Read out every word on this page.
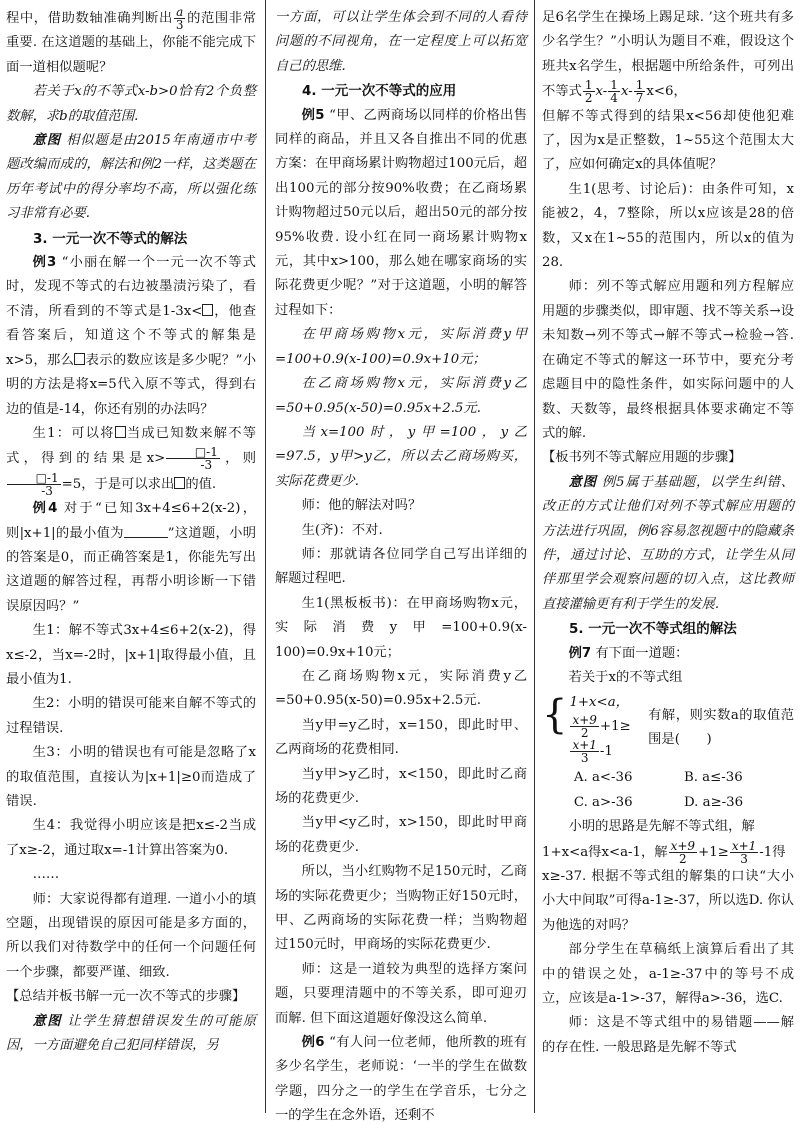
程中，借助数轴准确判断出 $\frac{a}{3}$ 的范围非常重要. 在这道题的基础上，你能不能完成下面一道相似题呢？

若关于x的不等式x-b>0恰有2个负整数解，求b的取值范围.

意图 相似题是由2015年南通市中考题改编而成的，解法和例2一样，这类题在历年考试中的得分率均不高，所以强化练习非常有必要.

3. 一元一次不等式的解法

例3 “小丽在解一个一元一次不等式时，发现不等式的右边被墨渍污染了，看不清，所看到的不等式是1-3x< ，他查看答案后，知道这个不等式的解集是x>5，那么 表示的数应该是多少呢？”小明的方法是将x=5代入原不等式，得到右边的值是-14，你还有别的办法吗？

生1：可以将 当成已知数来解不等式，得到的结果是$x> \frac{□-1}{-3}$ ，则
$\frac{□-1}{-3} =5$，于是可以求出 的值.

例4 对于“已知3x+4≤6+2(x-2)，则|x+1|的最小值为	”这道题，小明的答案是0，而正确答案是1，你能先写出这道题的解答过程，再帮小明诊断一下错误原因吗？”

生1：解不等式3x+4≤6+2(x-2)，得x≤-2，当x=-2时，|x+1|取得最小值，且最小值为1.

生2：小明的错误可能来自解不等式的过程错误.

生3：小明的错误也有可能是忽略了x的取值范围，直接认为|x+1|≥0而造成了错误.

生4：我觉得小明应该是把x≤-2当成了x≥-2，通过取x=-1计算出答案为0.

……

师：大家说得都有道理. 一道小小的填空题，出现错误的原因可能是多方面的，所以我们对待数学中的任何一个问题任何一个步骤，都要严谨、细致.

【总结并板书解一元一次不等式的步骤】

意图 让学生猜想错误发生的可能原因，一方面避免自己犯同样错误，另

一方面，可以让学生体会到不同的人看待问题的不同视角，在一定程度上可以拓宽自己的思维.

4. 一元一次不等式的应用

例5 “甲、乙两商场以同样的价格出售同样的商品，并且又各自推出不同的优惠方案：在甲商场累计购物超过100元后，超出100元的部分按90%收费；在乙商场累计购物超过50元以后，超出50元的部分按95%收费. 设小红在同一商场累计购物x元，其中x>100，那么她在哪家商场的实际花费更少呢？”对于这道题，小明的解答过程如下：

在甲商场购物x元，实际消费y甲=100+0.9(x-100)=0.9x+10元；

在乙商场购物x元，实际消费y乙=50+0.95(x-50)=0.95x+2.5元.

当x=100时，y甲=100，y乙=97.5，y甲>y乙，所以去乙商场购买，实际花费更少.

师：他的解法对吗？

生(齐)：不对.

师：那就请各位同学自己写出详细的解题过程吧.

生1(黑板板书)：在甲商场购物x元，实际消费y甲=100+0.9(x-100)=0.9x+10元；

在乙商场购物x元，实际消费y乙=50+0.95(x-50)=0.95x+2.5元.

当y甲=y乙时，x=150，即此时甲、乙两商场的花费相同.

当y甲>y乙时，x<150，即此时乙商场的花费更少.

当y甲<y乙时，x>150，即此时甲商场的花费更少.

所以，当小红购物不足150元时，乙商场的实际花费更少；当购物正好150元时，甲、乙两商场的实际花费一样；当购物超过150元时，甲商场的实际花费更少.

师：这是一道较为典型的选择方案问题，只要理清题中的不等关系，即可迎刃而解. 但下面这道题好像没这么简单.

例6 “有人问一位老师，他所教的班有多少名学生，老师说：‘一半的学生在做数学题，四分之一的学生在学音乐，七分之一的学生在念外语，还剩不

足6名学生在操场上踢足球. ’这个班共有多少名学生？”小明认为题目不难，假设这个班共x名学生，根据题中所给条件，可列出不等式 $\frac{1}{2} x- \frac{1}{4} x- \frac{1}{7} x<6$，

但解不等式得到的结果x<56却使他犯难了，因为x是正整数，1~55这个范围太大了，应如何确定x的具体值呢？

生1(思考、讨论后)：由条件可知，x能被2，4，7整除，所以x应该是28的倍数，又x在1~55的范围内，所以x的值为28.

师：列不等式解应用题和列方程解应用题的步骤类似，即审题、找不等关系→设未知数→列不等式→解不等式→检验→答. 在确定不等式的解这一环节中，要充分考虑题目中的隐性条件，如实际问题中的人数、天数等，最终根据具体要求确定不等式的解.

【板书列不等式解应用题的步骤】

意图 例5属于基础题，以学生纠错、改正的方式让他们对列不等式解应用题的方法进行巩固，例6容易忽视题中的隐藏条件，通过讨论、互助的方式，让学生从同伴那里学会观察问题的切入点，这比教师直接灌输更有利于学生的发展.

5. 一元一次不等式组的解法

例7 有下面一道题：

若关于x的不等式组

{ 1+x<a，
$\frac{x+9}{2} +1\ge$
$\frac{x+1}{3} -1$
有解，则实数a的取值范围是(　　)
A. a<-36	B. a≤-36
C. a>-36	D. a≥-36

小明的思路是先解不等式组，解

1+x<a得x<a-1，解 $\frac{x+9}{2} +1\ge \frac{x+1}{3} -1$得

x≥-37. 根据不等式组的解集的口诀“大小小大中间取”可得a-1≥-37，所以选D. 你认为他选的对吗？

部分学生在草稿纸上演算后看出了其中的错误之处，a-1≥-37中的等号不成立，应该是a-1>-37，解得a>-36，选C.

师：这是不等式组中的易错题——解的存在性. 一般思路是先解不等式
